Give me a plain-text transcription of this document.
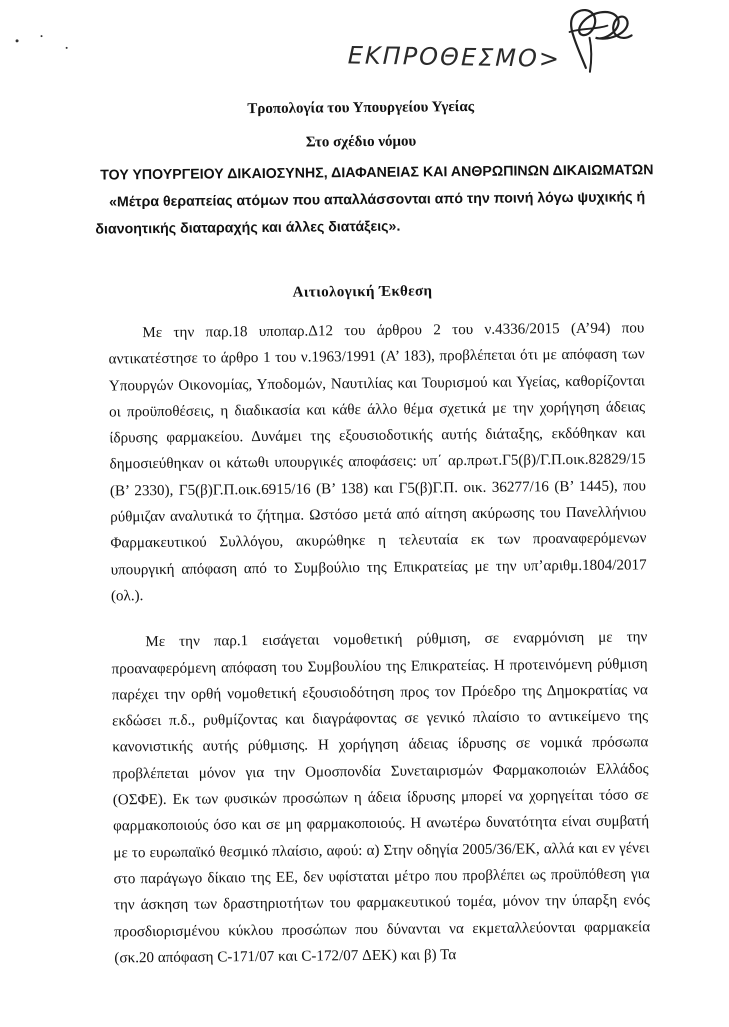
ΕΚΠΡΟΘΕΣΜΟ>
Τροπολογία του Υπουργείου Υγείας
Στο σχέδιο νόμου
ΤΟΥ ΥΠΟΥΡΓΕΙΟΥ ΔΙΚΑΙΟΣΥΝΗΣ, ΔΙΑΦΑΝΕΙΑΣ ΚΑΙ ΑΝΘΡΩΠΙΝΩΝ ΔΙΚΑΙΩΜΑΤΩΝ
«Μέτρα θεραπείας ατόμων που απαλλάσσονται από την ποινή λόγω ψυχικής ή
διανοητικής διαταραχής και άλλες διατάξεις».
Αιτιολογική Έκθεση

Με την παρ.18 υποπαρ.Δ12 του άρθρου 2 του ν.4336/2015 (Α’94) που αντικατέστησε το άρθρο 1 του ν.1963/1991 (Α’ 183), προβλέπεται ότι με απόφαση των Υπουργών Οικονομίας, Υποδομών, Ναυτιλίας και Τουρισμού και Υγείας, καθορίζονται οι προϋποθέσεις, η διαδικασία και κάθε άλλο θέμα σχετικά με την χορήγηση άδειας ίδρυσης φαρμακείου. Δυνάμει της εξουσιοδοτικής αυτής διάταξης, εκδόθηκαν και δημοσιεύθηκαν οι κάτωθι υπουργικές αποφάσεις: υπ΄ αρ.πρωτ.Γ5(β)/Γ.Π.οικ.82829/15 (Β’ 2330), Γ5(β)Γ.Π.οικ.6915/16 (Β’ 138) και Γ5(β)Γ.Π. οικ. 36277/16 (Β’ 1445), που ρύθμιζαν αναλυτικά το ζήτημα. Ωστόσο μετά από αίτηση ακύρωσης του Πανελλήνιου Φαρμακευτικού Συλλόγου, ακυρώθηκε η τελευταία εκ των προαναφερόμενων υπουργική απόφαση από το Συμβούλιο της Επικρατείας με την υπ’αριθμ.1804/2017 (ολ.).

Με την παρ.1 εισάγεται νομοθετική ρύθμιση, σε εναρμόνιση με την προαναφερόμενη απόφαση του Συμβουλίου της Επικρατείας. Η προτεινόμενη ρύθμιση παρέχει την ορθή νομοθετική εξουσιοδότηση προς τον Πρόεδρο της Δημοκρατίας να εκδώσει π.δ., ρυθμίζοντας και διαγράφοντας σε γενικό πλαίσιο το αντικείμενο της κανονιστικής αυτής ρύθμισης. Η χορήγηση άδειας ίδρυσης σε νομικά πρόσωπα προβλέπεται μόνον για την Ομοσπονδία Συνεταιρισμών Φαρμακοποιών Ελλάδος (ΟΣΦΕ). Εκ των φυσικών προσώπων η άδεια ίδρυσης μπορεί να χορηγείται τόσο σε φαρμακοποιούς όσο και σε μη φαρμακοποιούς. Η ανωτέρω δυνατότητα είναι συμβατή με το ευρωπαϊκό θεσμικό πλαίσιο, αφού: α) Στην οδηγία 2005/36/ΕΚ, αλλά και εν γένει στο παράγωγο δίκαιο της ΕΕ, δεν υφίσταται μέτρο που προβλέπει ως προϋπόθεση για την άσκηση των δραστηριοτήτων του φαρμακευτικού τομέα, μόνον την ύπαρξη ενός προσδιορισμένου κύκλου προσώπων που δύνανται να εκμεταλλεύονται φαρμακεία (σκ.20 απόφαση C-171/07 και C-172/07 ΔΕΚ) και β) Τα
